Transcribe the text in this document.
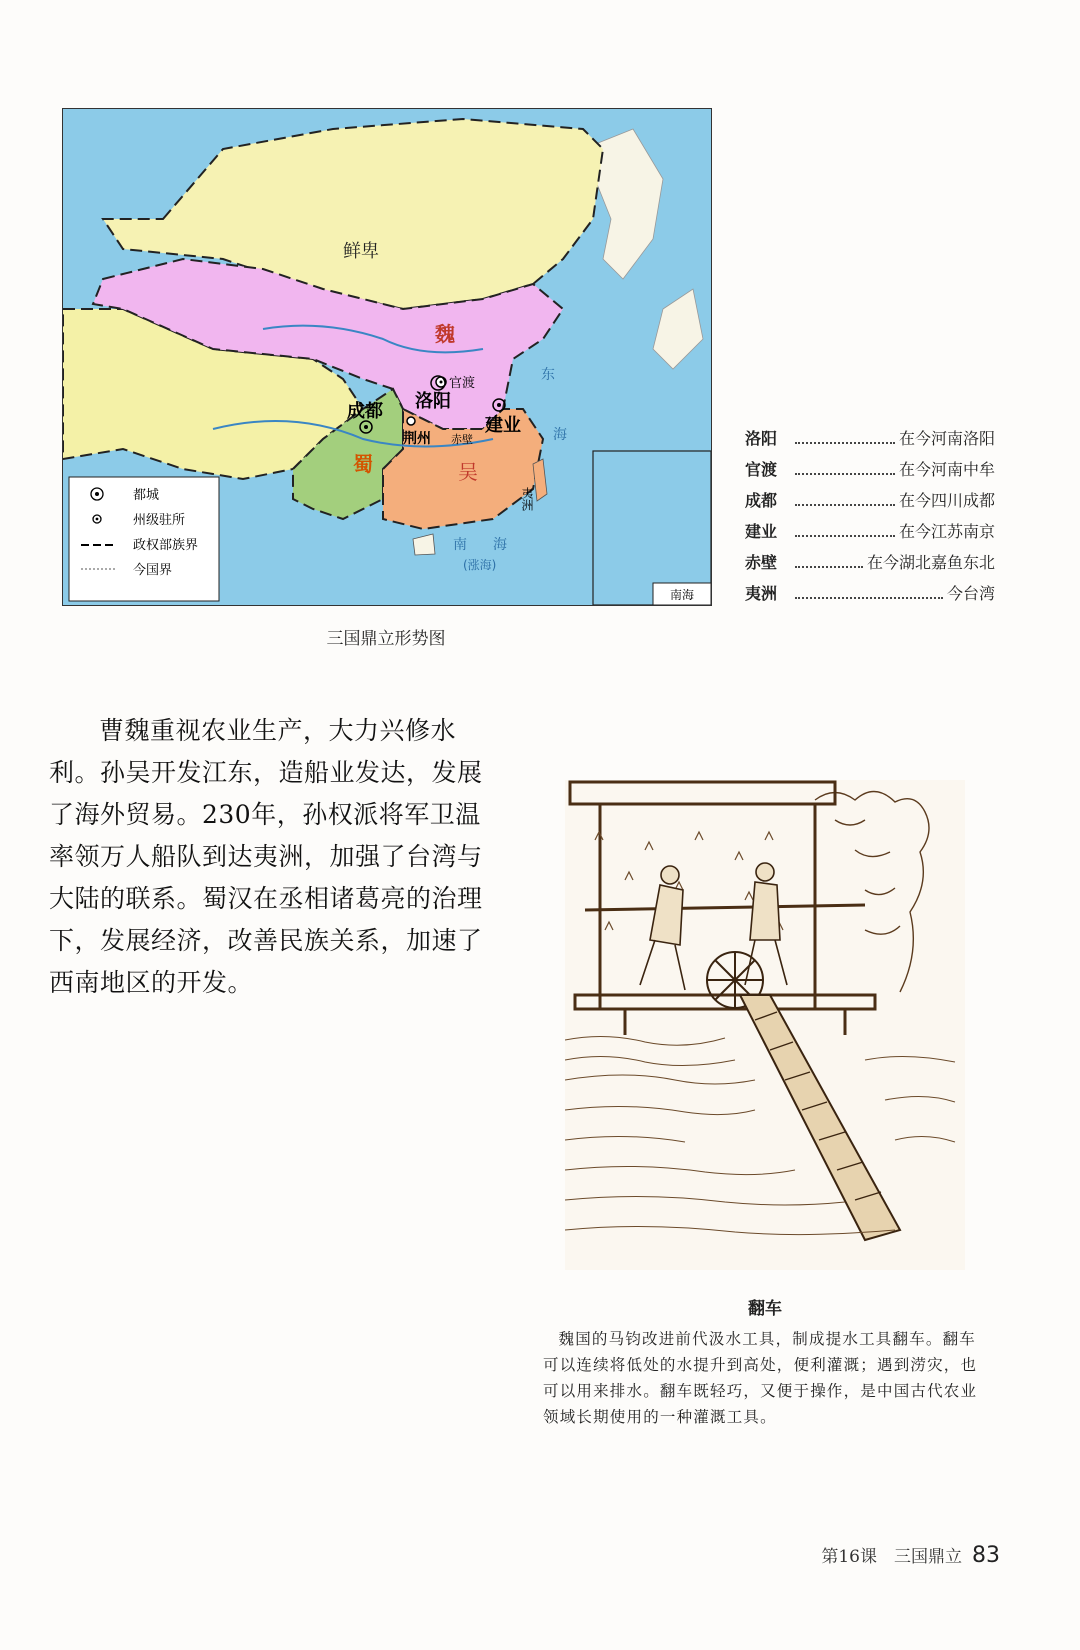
南海
鲜卑
魏
蜀	吴
官渡
洛阳
成都
建业
荆州 赤壁
夷洲
东
海
南 海
(涨海)
都城
州级驻所
政权部族界
今国界
三国鼎立形势图
洛阳	在今河南洛阳
官渡	在今河南中牟
成都	在今四川成都
建业	在今江苏南京
赤壁	在今湖北嘉鱼东北
夷洲	今台湾

曹魏重视农业生产，大力兴修水利。孙吴开发江东，造船业发达，发展了海外贸易。230年，孙权派将军卫温率领万人船队到达夷洲，加强了台湾与大陆的联系。蜀汉在丞相诸葛亮的治理下，发展经济，改善民族关系，加速了西南地区的开发。

翻车

魏国的马钧改进前代汲水工具，制成提水工具翻车。翻车可以连续将低处的水提升到高处，便利灌溉；遇到涝灾，也可以用来排水。翻车既轻巧，又便于操作，是中国古代农业领域长期使用的一种灌溉工具。

第16课　三国鼎立 83
